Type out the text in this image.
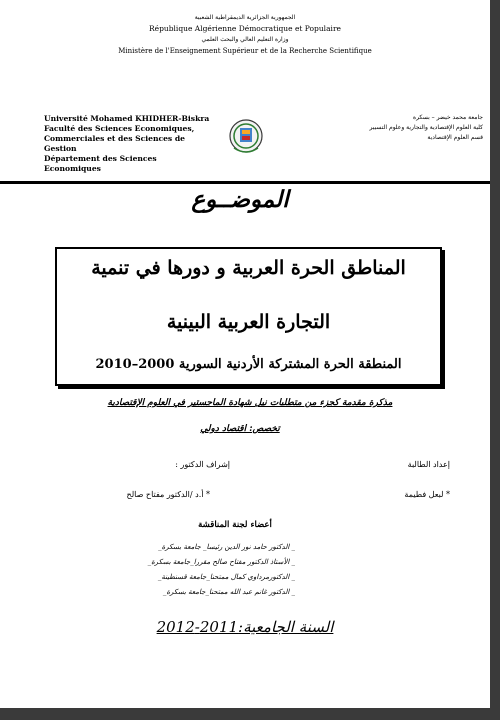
الجمهورية الجزائرية الديمقراطية الشعبية
République Algérienne Démocratique et Populaire
وزارة التعليم العالي والبحث العلمي
Ministère de l'Enseignement Supérieur et de la Recherche Scientifique
Université Mohamed KHIDHER-Biskra
Faculté des Sciences Economiques,
Commerciales et des Sciences de Gestion
Département des Sciences Economiques
جامعة محمد خيضر – بسكرة
كلية العلوم الإقتصادية والتجارية وعلوم التسيير
قسم العلوم الإقتصادية
الموضــوع
المناطق الحرة العربية و دورها في تنمية
التجارة العربية البينية
المنطقة الحرة المشتركة الأردنية السورية 2000–2010
مذكرة مقدمة كجزء من متطلبات نيل شهادة الماجستير في العلوم الإقتصادية
تخصص: اقتصاد دولي
إعداد الطالبة
إشراف الدكتور :
* لبعل فطيمة
* أ.د /الدكتور مفتاح صالح
أعضاء لجنة المناقشة
_ الدكتور حامد نور الدين رئيسا_ جامعة بسكرة_
_ الأستاذ الدكتور مفتاح صالح مقررا_جامعة بسكرة_
_ الدكتورمرداوي كمال ممتحنا_جامعة قسنطينة_
_ الدكتور غانم عبد الله ممتحنا_جامعة بسكرة_
السنة الجامعية:2011-2012
